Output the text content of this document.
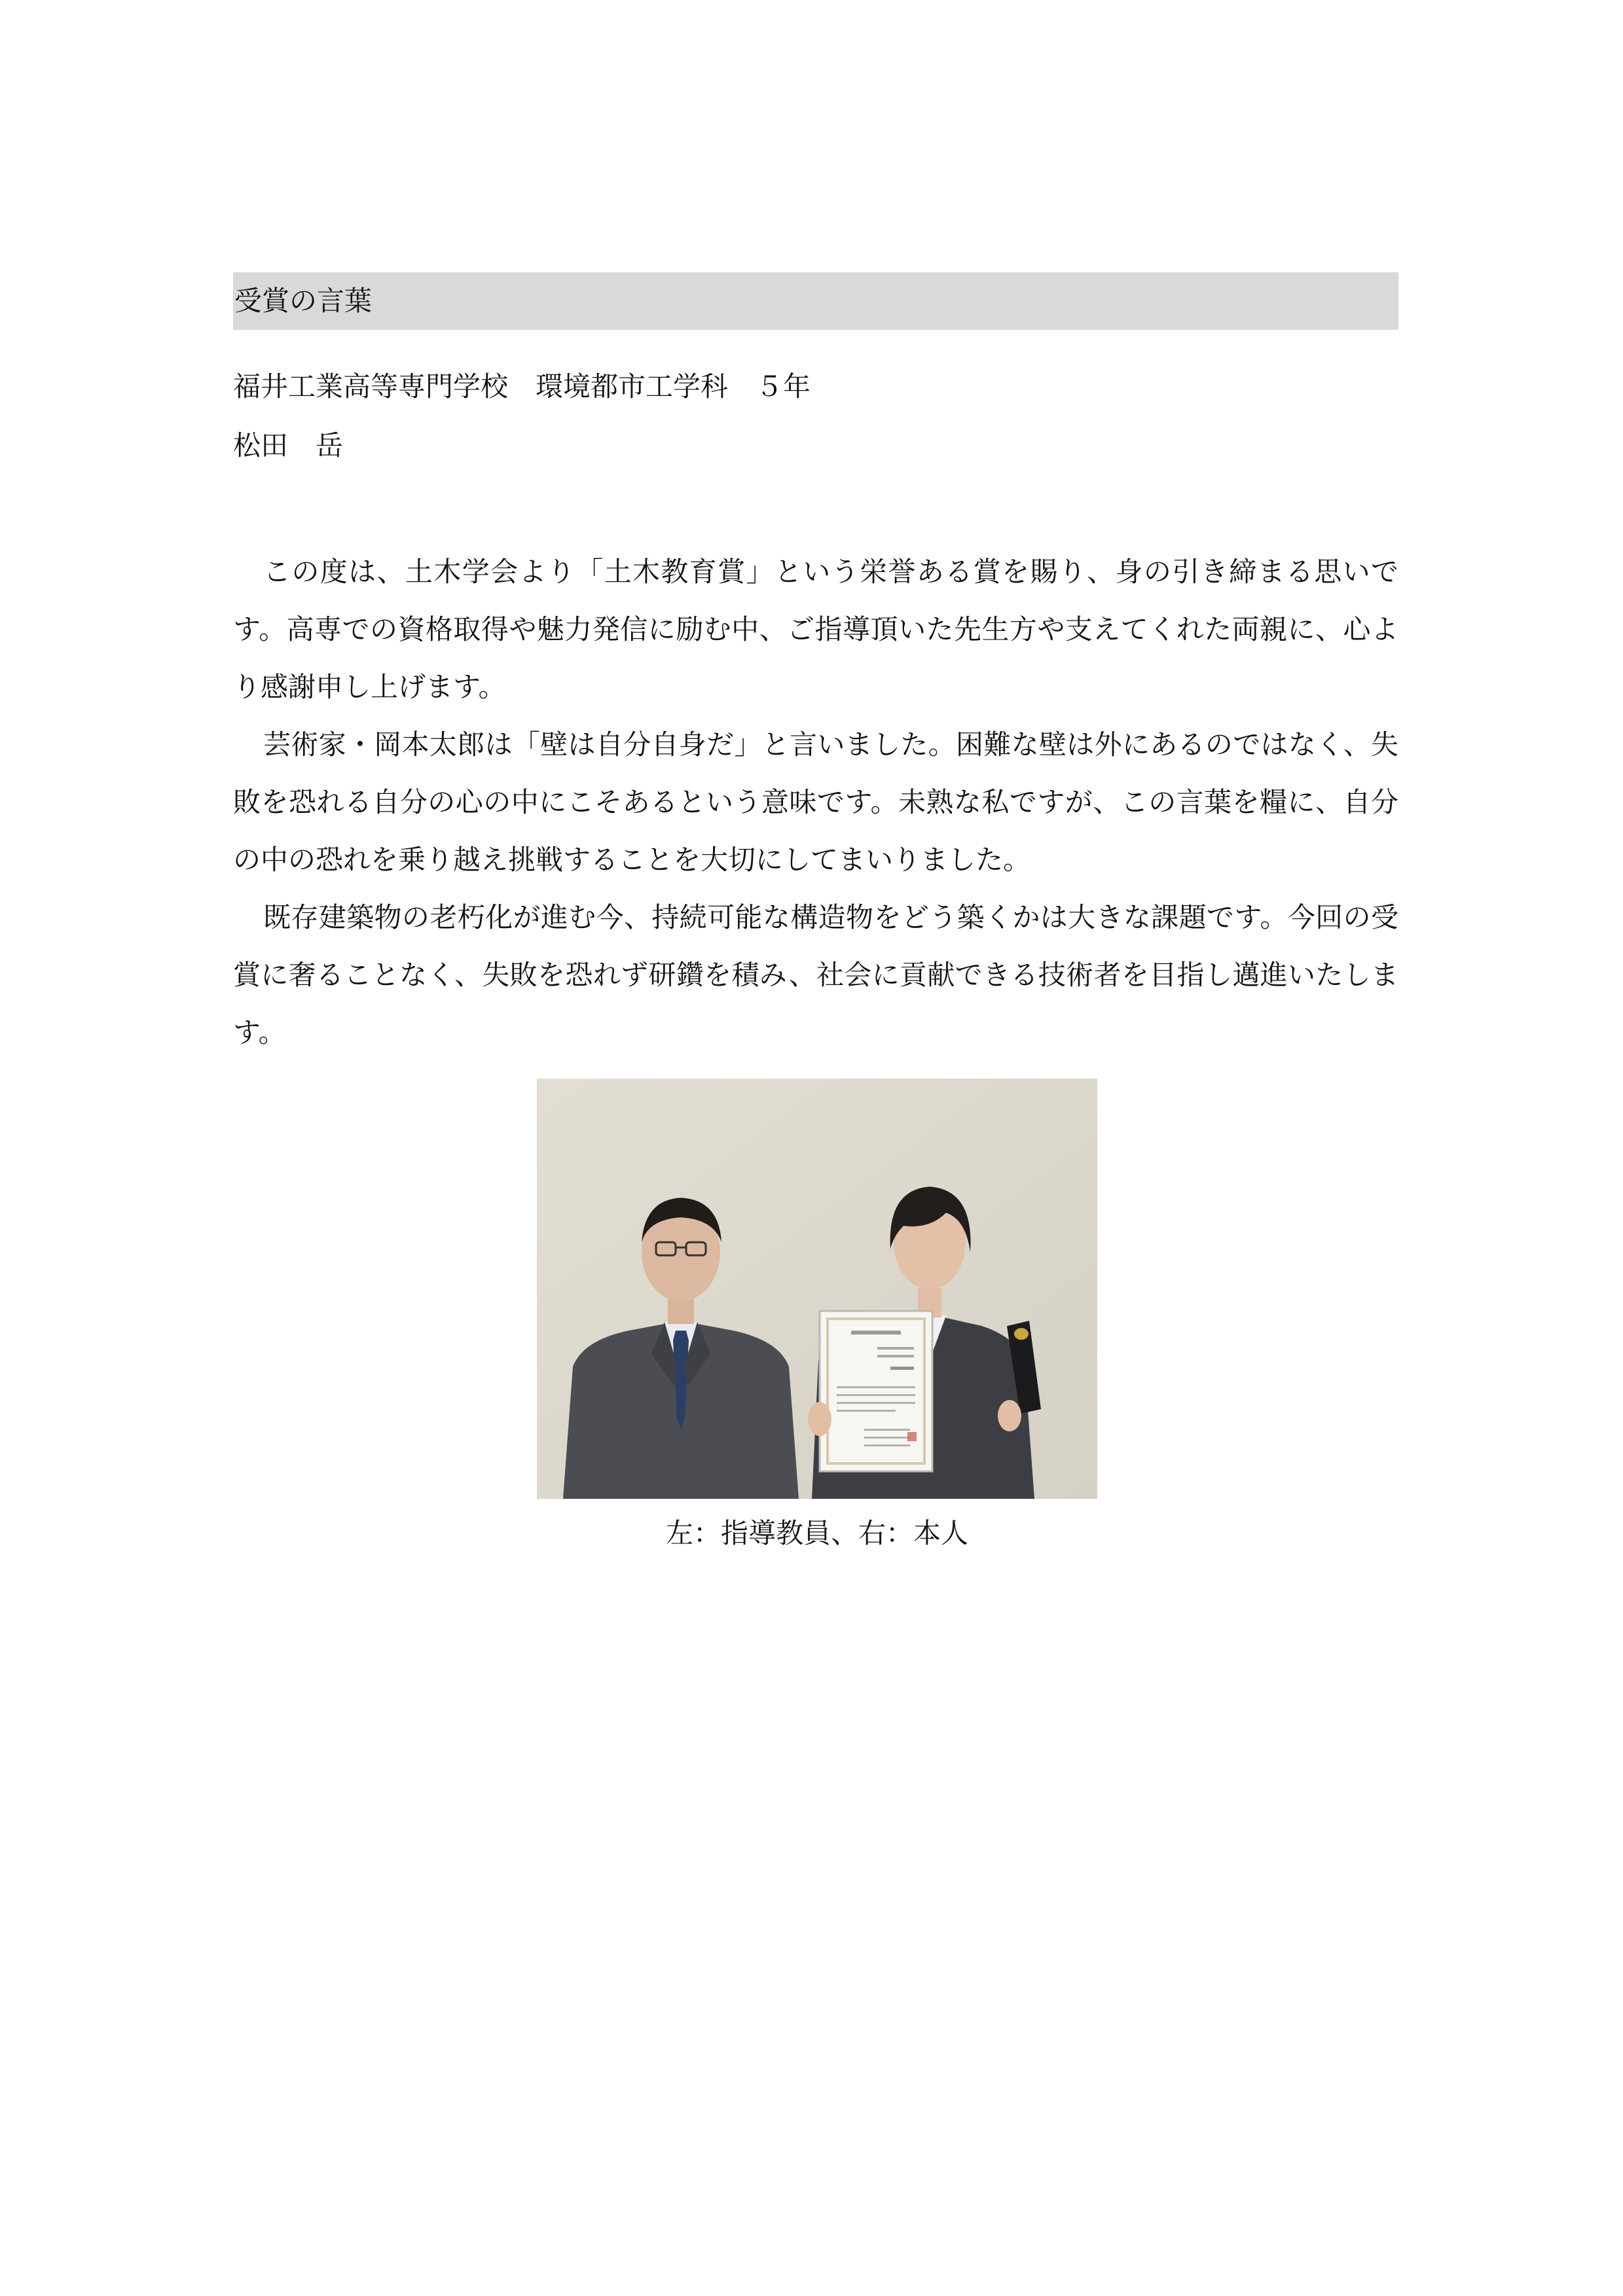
受賞の言葉
福井工業高等専門学校　環境都市工学科　５年
松田　岳

この度は、土木学会より「土木教育賞」という栄誉ある賞を賜り、身の引き締まる思いです。高専での資格取得や魅力発信に励む中、ご指導頂いた先生方や支えてくれた両親に、心より感謝申し上げます。

芸術家・岡本太郎は「壁は自分自身だ」と言いました。困難な壁は外にあるのではなく、失敗を恐れる自分の心の中にこそあるという意味です。未熟な私ですが、この言葉を糧に、自分の中の恐れを乗り越え挑戦することを大切にしてまいりました。

既存建築物の老朽化が進む今、持続可能な構造物をどう築くかは大きな課題です。今回の受賞に奢ることなく、失敗を恐れず研鑽を積み、社会に貢献できる技術者を目指し邁進いたします。

左：指導教員、右：本人
